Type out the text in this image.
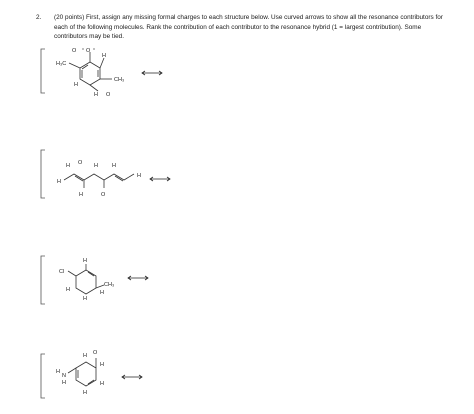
2. (20 points) First, assign any missing formal charges to each structure below. Use curved arrows to show all the resonance contributors for each of the following molecules. Rank the contribution of each contributor to the resonance hybrid (1 = largest contribution). Some contributors may be tied.
O O
H₃C
H
CH₃
H
H O
H
H O H	H
H	O
H
Cl
H
CH₃
H
H
H
H
N
H
H O
H
H
H
